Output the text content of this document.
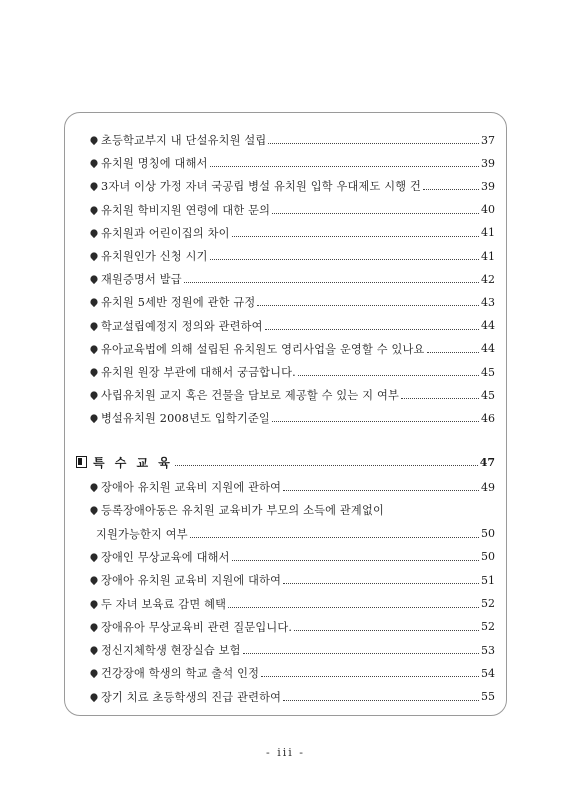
초등학교부지 내 단설유치원 설립	37
유치원 명칭에 대해서	39
3자녀 이상 가정 자녀 국공립 병설 유치원 입학 우대제도 시행 건	39
유치원 학비지원 연령에 대한 문의	40
유치원과 어린이집의 차이	41
유치원인가 신청 시기	41
재원증명서 발급	42
유치원 5세반 정원에 관한 규정	43
학교설립예정지 정의와 관련하여	44
유아교육법에 의해 설립된 유치원도 영리사업을 운영할 수 있나요	44
유치원 원장 부관에 대해서 궁금합니다.	45
사립유치원 교지 혹은 건물을 담보로 제공할 수 있는 지 여부	45
병설유치원 2008년도 입학기준일	46
특 수 교 육	47
장애아 유치원 교육비 지원에 관하여	49
등록장애아동은 유치원 교육비가 부모의 소득에 관계없이
지원가능한지 여부	50
장애인 무상교육에 대해서	50
장애아 유치원 교육비 지원에 대하여	51
두 자녀 보육료 감면 혜택	52
장애유아 무상교육비 관련 질문입니다.	52
정신지체학생 현장실습 보험	53
건강장애 학생의 학교 출석 인정	54
장기 치료 초등학생의 진급 관련하여	55
- iii -
